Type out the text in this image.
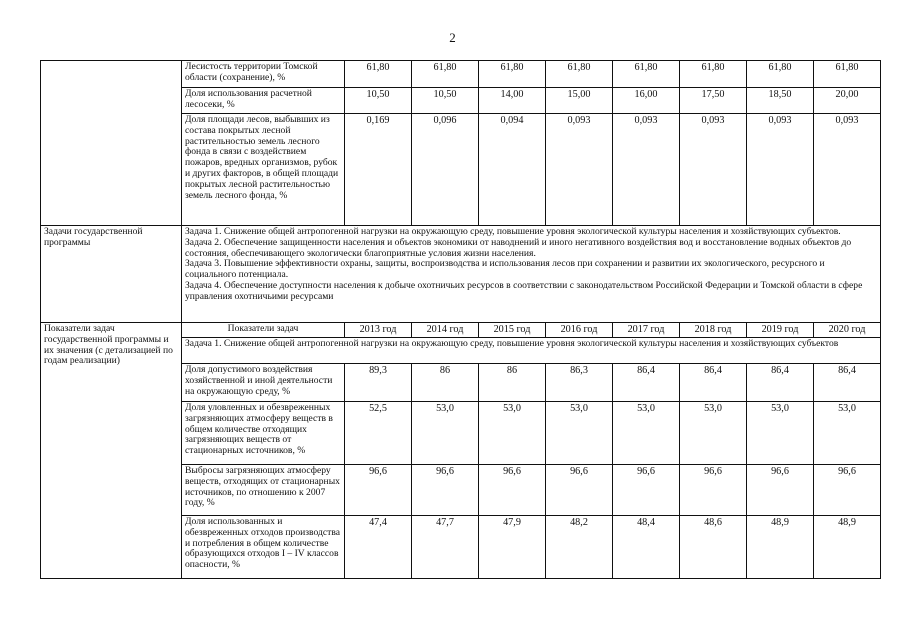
2
	Лесистость территории Томской области (сохранение), %	61,80	61,80	61,80	61,80	61,80	61,80	61,80	61,80
	Доля использования расчетной лесосеки, %	10,50	10,50	14,00	15,00	16,00	17,50	18,50	20,00
	Доля площади лесов, выбывших из состава покрытых лесной растительностью земель лесного фонда в связи с воздействием пожаров, вредных организмов, рубок и других факторов, в общей площади покрытых лесной растительностью земель лесного фонда, %	0,169	0,096	0,094	0,093	0,093	0,093	0,093	0,093
Задачи государственной программы	Задача 1. Снижение общей антропогенной нагрузки на окружающую среду, повышение уровня экологической культуры населения и хозяйствующих субъектов.

Задача 2. Обеспечение защищенности населения и объектов экономики от наводнений и иного негативного воздействия вод и восстановление водных объектов до состояния, обеспечивающего экологически благоприятные условия жизни населения.

Задача 3. Повышение эффективности охраны, защиты, воспроизводства и использования лесов при сохранении и развитии их экологического, ресурсного и социального потенциала.

Задача 4. Обеспечение доступности населения к добыче охотничьих ресурсов в соответствии с законодательством Российской Федерации и Томской области в сфере управления охотничьими ресурсами								

Показатели задач государственной программы и их значения (с детализацией по годам реализации)	Показатели задач	2013 год	2014 год	2015 год	2016 год	2017 год	2018 год	2019 год	2020 год
	Задача 1. Снижение общей антропогенной нагрузки на окружающую среду, повышение уровня экологической культуры населения и хозяйствующих субъектов								
	Доля допустимого воздействия хозяйственной и иной деятельности на окружающую среду, %	89,3	86	86	86,3	86,4	86,4	86,4	86,4
	Доля уловленных и обезвреженных загрязняющих атмосферу веществ в общем количестве отходящих загрязняющих веществ от стационарных источников, %	52,5	53,0	53,0	53,0	53,0	53,0	53,0	53,0
	Выбросы загрязняющих атмосферу веществ, отходящих от стационарных источников, по отношению к 2007 году, %	96,6	96,6	96,6	96,6	96,6	96,6	96,6	96,6
	Доля использованных и обезвреженных отходов производства и потребления в общем количестве образующихся отходов I – IV классов опасности, %	47,4	47,7	47,9	48,2	48,4	48,6	48,9	48,9
